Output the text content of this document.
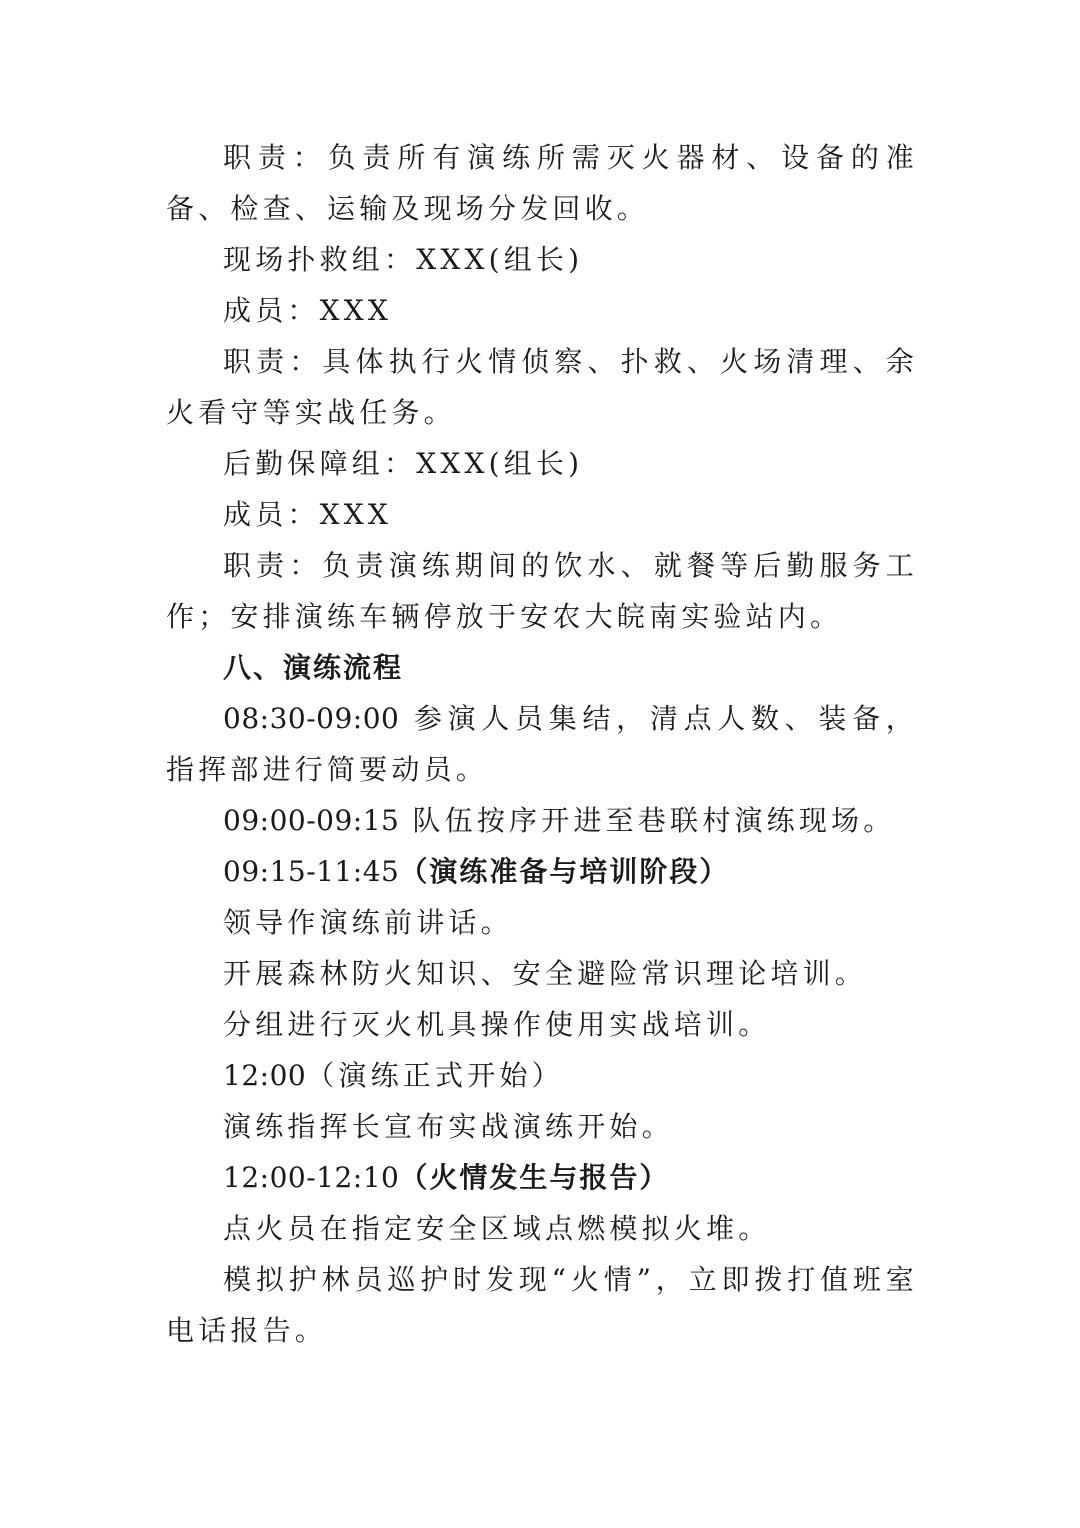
职责：负责所有演练所需灭火器材、设备的准备、检查、运输及现场分发回收。

现场扑救组：XXX(组长)

成员：XXX

职责：具体执行火情侦察、扑救、火场清理、余火看守等实战任务。

后勤保障组：XXX(组长)

成员：XXX

职责：负责演练期间的饮水、就餐等后勤服务工作；安排演练车辆停放于安农大皖南实验站内。

八、演练流程

08:30-09:00 参演人员集结，清点人数、装备，指挥部进行简要动员。

09:00-09:15 队伍按序开进至巷联村演练现场。

09:15-11:45（演练准备与培训阶段）

领导作演练前讲话。

开展森林防火知识、安全避险常识理论培训。

分组进行灭火机具操作使用实战培训。

12:00（演练正式开始）

演练指挥长宣布实战演练开始。

12:00-12:10（火情发生与报告）

点火员在指定安全区域点燃模拟火堆。

模拟护林员巡护时发现“火情”，立即拨打值班室电话报告。
